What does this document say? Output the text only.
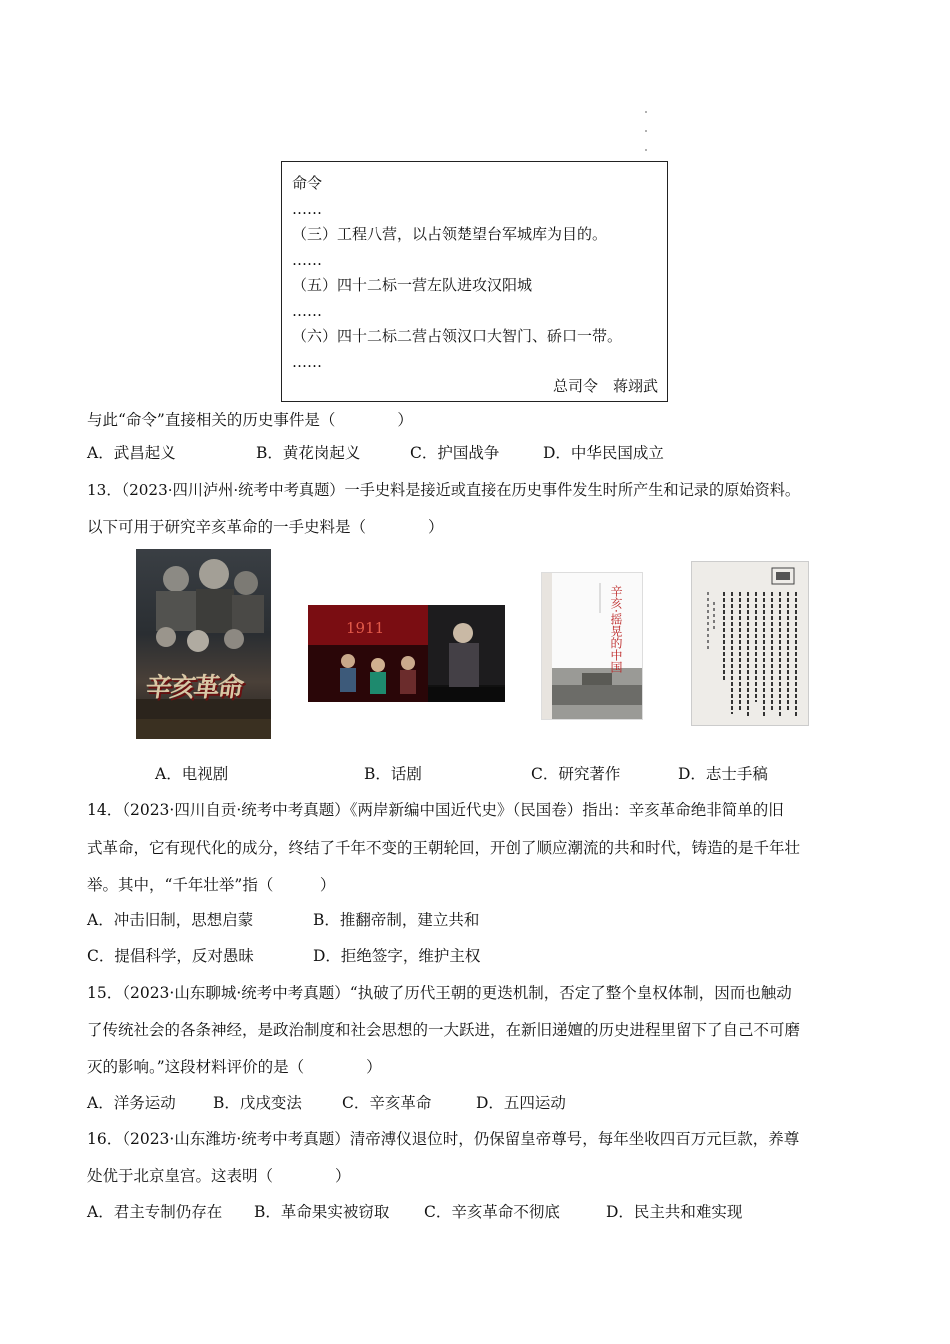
命令
……
（三）工程八营，以占领楚望台军城库为目的。
……
（五）四十二标一营左队进攻汉阳城
……
（六）四十二标二营占领汉口大智门、硚口一带。
……
总司令　蒋翊武
与此“命令”直接相关的历史事件是（　　　　）
A．武昌起义	B．黄花岗起义	C．护国战争	D．中华民国成立
13．（2023·四川泸州·统考中考真题）一手史料是接近或直接在历史事件发生时所产生和记录的原始资料。
以下可用于研究辛亥革命的一手史料是（　　　　）
辛亥革命
1911	辛亥·摇晃的中国
A．电视剧	B．话剧	C．研究著作	D．志士手稿
14．（2023·四川自贡·统考中考真题）《两岸新编中国近代史》（民国卷）指出：辛亥革命绝非简单的旧
式革命，它有现代化的成分，终结了千年不变的王朝轮回，开创了顺应潮流的共和时代，铸造的是千年壮
举。其中，“千年壮举”指（　　　）
A．冲击旧制，思想启蒙	B．推翻帝制，建立共和
C．提倡科学，反对愚昧	D．拒绝签字，维护主权
15．（2023·山东聊城·统考中考真题）“执破了历代王朝的更迭机制，否定了整个皇权体制，因而也触动
了传统社会的各条神经，是政治制度和社会思想的一大跃进，在新旧递嬗的历史进程里留下了自己不可磨
灭的影响。”这段材料评价的是（　　　　）
A．洋务运动 B．戊戌变法	C．辛亥革命	D．五四运动
16．（2023·山东潍坊·统考中考真题）清帝溥仪退位时，仍保留皇帝尊号，每年坐收四百万元巨款，养尊
处优于北京皇宫。这表明（　　　　）
A．君主专制仍存在 B．革命果实被窃取 C．辛亥革命不彻底	D．民主共和难实现
